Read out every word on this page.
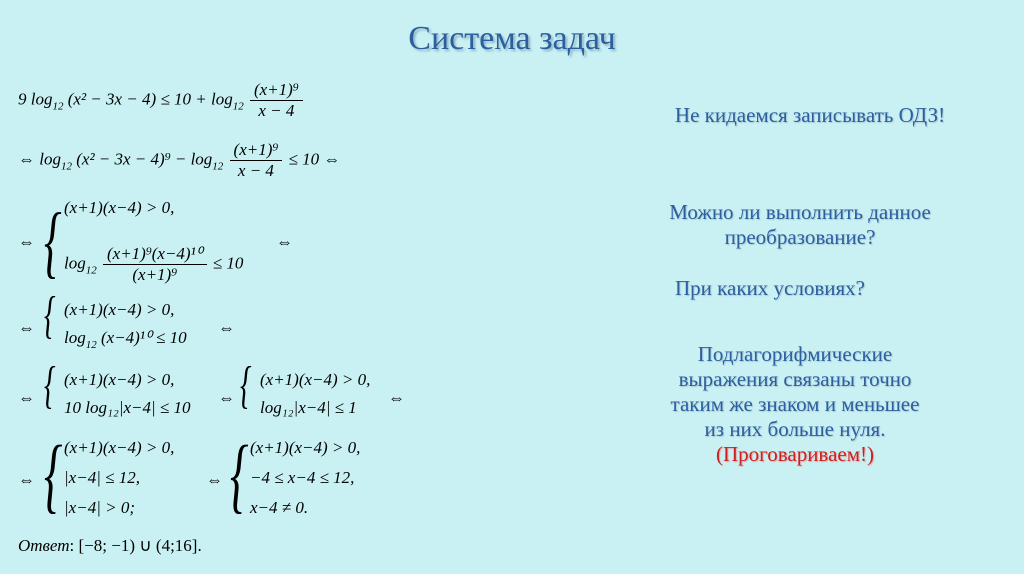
Система задач
9 $\log_{12} (x^2 - 3x - 4) \le 10 + \log_{12} \frac{\text{(x+1)⁹}}{x - 4}$
⇔ $\log_{12} (x^2 - 3x - 4)^9 - \log_{12} \frac{\text{(x+1)⁹}}{x - 4} \le 10$ ⇔
⇔ { (x+1)(x−4) > 0,
$\log_{12} \frac{\text{(x+1)⁹(x−4)¹⁰}}{\text{(x+1)⁹}} \le 10$
⇔
⇔ { (x+1)(x−4) > 0,
$\log_{12} (x-4)^{10} \le 10$
⇔
⇔ { (x+1)(x−4) > 0,
10 log₁₂|x−4| ≤ 10
⇔ { (x+1)(x−4) > 0,
log₁₂|x−4| ≤ 1
⇔
⇔ { (x+1)(x−4) > 0,
|x−4| ≤ 12,
|x−4| > 0;
⇔ { (x+1)(x−4) > 0,
−4 ≤ x−4 ≤ 12,
x−4 ≠ 0.
Ответ: [−8; −1) ∪ (4;16].
Не кидаемся записывать ОДЗ!
Можно ли выполнить данное
преобразование?
При каких условиях?
Подлагорифмические
выражения связаны точно
таким же знаком и меньшее
из них больше нуля.
(Проговариваем!)
